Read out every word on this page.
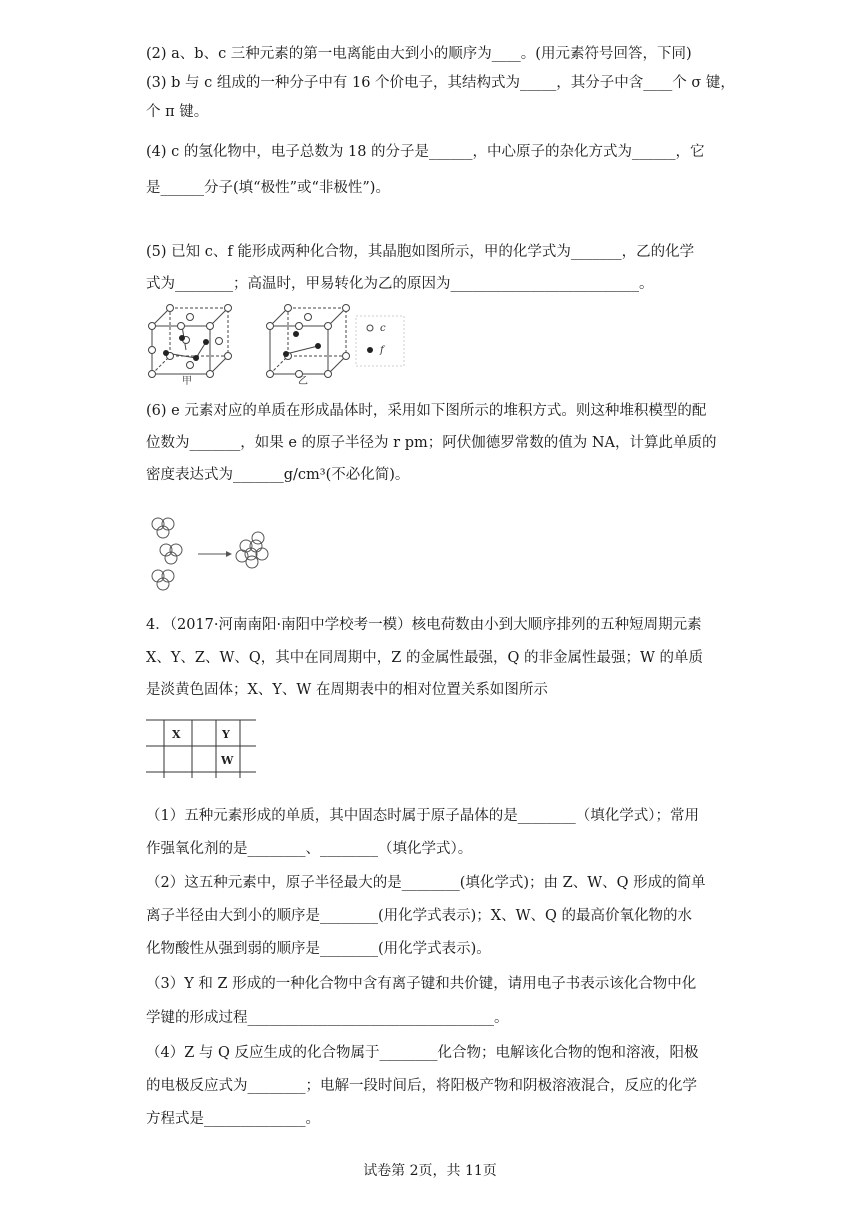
(2) a、b、c 三种元素的第一电离能由大到小的顺序为____。(用元素符号回答，下同)
(3) b 与 c 组成的一种分子中有 16 个价电子，其结构式为_____，其分子中含____个 σ 键，
个 π 键。
(4) c 的氢化物中，电子总数为 18 的分子是______，中心原子的杂化方式为______，它
是______分子(填“极性”或“非极性”)。
(5) 已知 c、f 能形成两种化合物，其晶胞如图所示，甲的化学式为_______，乙的化学
式为________；高温时，甲易转化为乙的原因为__________________________。
甲	乙
c
f
(6) e 元素对应的单质在形成晶体时，采用如下图所示的堆积方式。则这种堆积模型的配
位数为_______，如果 e 的原子半径为 r pm；阿伏伽德罗常数的值为 NA，计算此单质的
密度表达式为_______g/cm³(不必化简)。
4．（2017·河南南阳·南阳中学校考一模）核电荷数由小到大顺序排列的五种短周期元素
X、Y、Z、W、Q，其中在同周期中，Z 的金属性最强，Q 的非金属性最强；W 的单质
是淡黄色固体；X、Y、W 在周期表中的相对位置关系如图所示
X	Y
W
（1）五种元素形成的单质，其中固态时属于原子晶体的是________（填化学式）；常用
作强氧化剂的是________、________（填化学式）。
（2）这五种元素中，原子半径最大的是________(填化学式)；由 Z、W、Q 形成的简单
离子半径由大到小的顺序是________(用化学式表示)；X、W、Q 的最高价氧化物的水
化物酸性从强到弱的顺序是________(用化学式表示)。
（3）Y 和 Z 形成的一种化合物中含有离子键和共价键，请用电子书表示该化合物中化
学键的形成过程__________________________________。
（4）Z 与 Q 反应生成的化合物属于________化合物；电解该化合物的饱和溶液，阳极
的电极反应式为________；电解一段时间后，将阳极产物和阴极溶液混合，反应的化学
方程式是______________。
试卷第 2页，共 11页
